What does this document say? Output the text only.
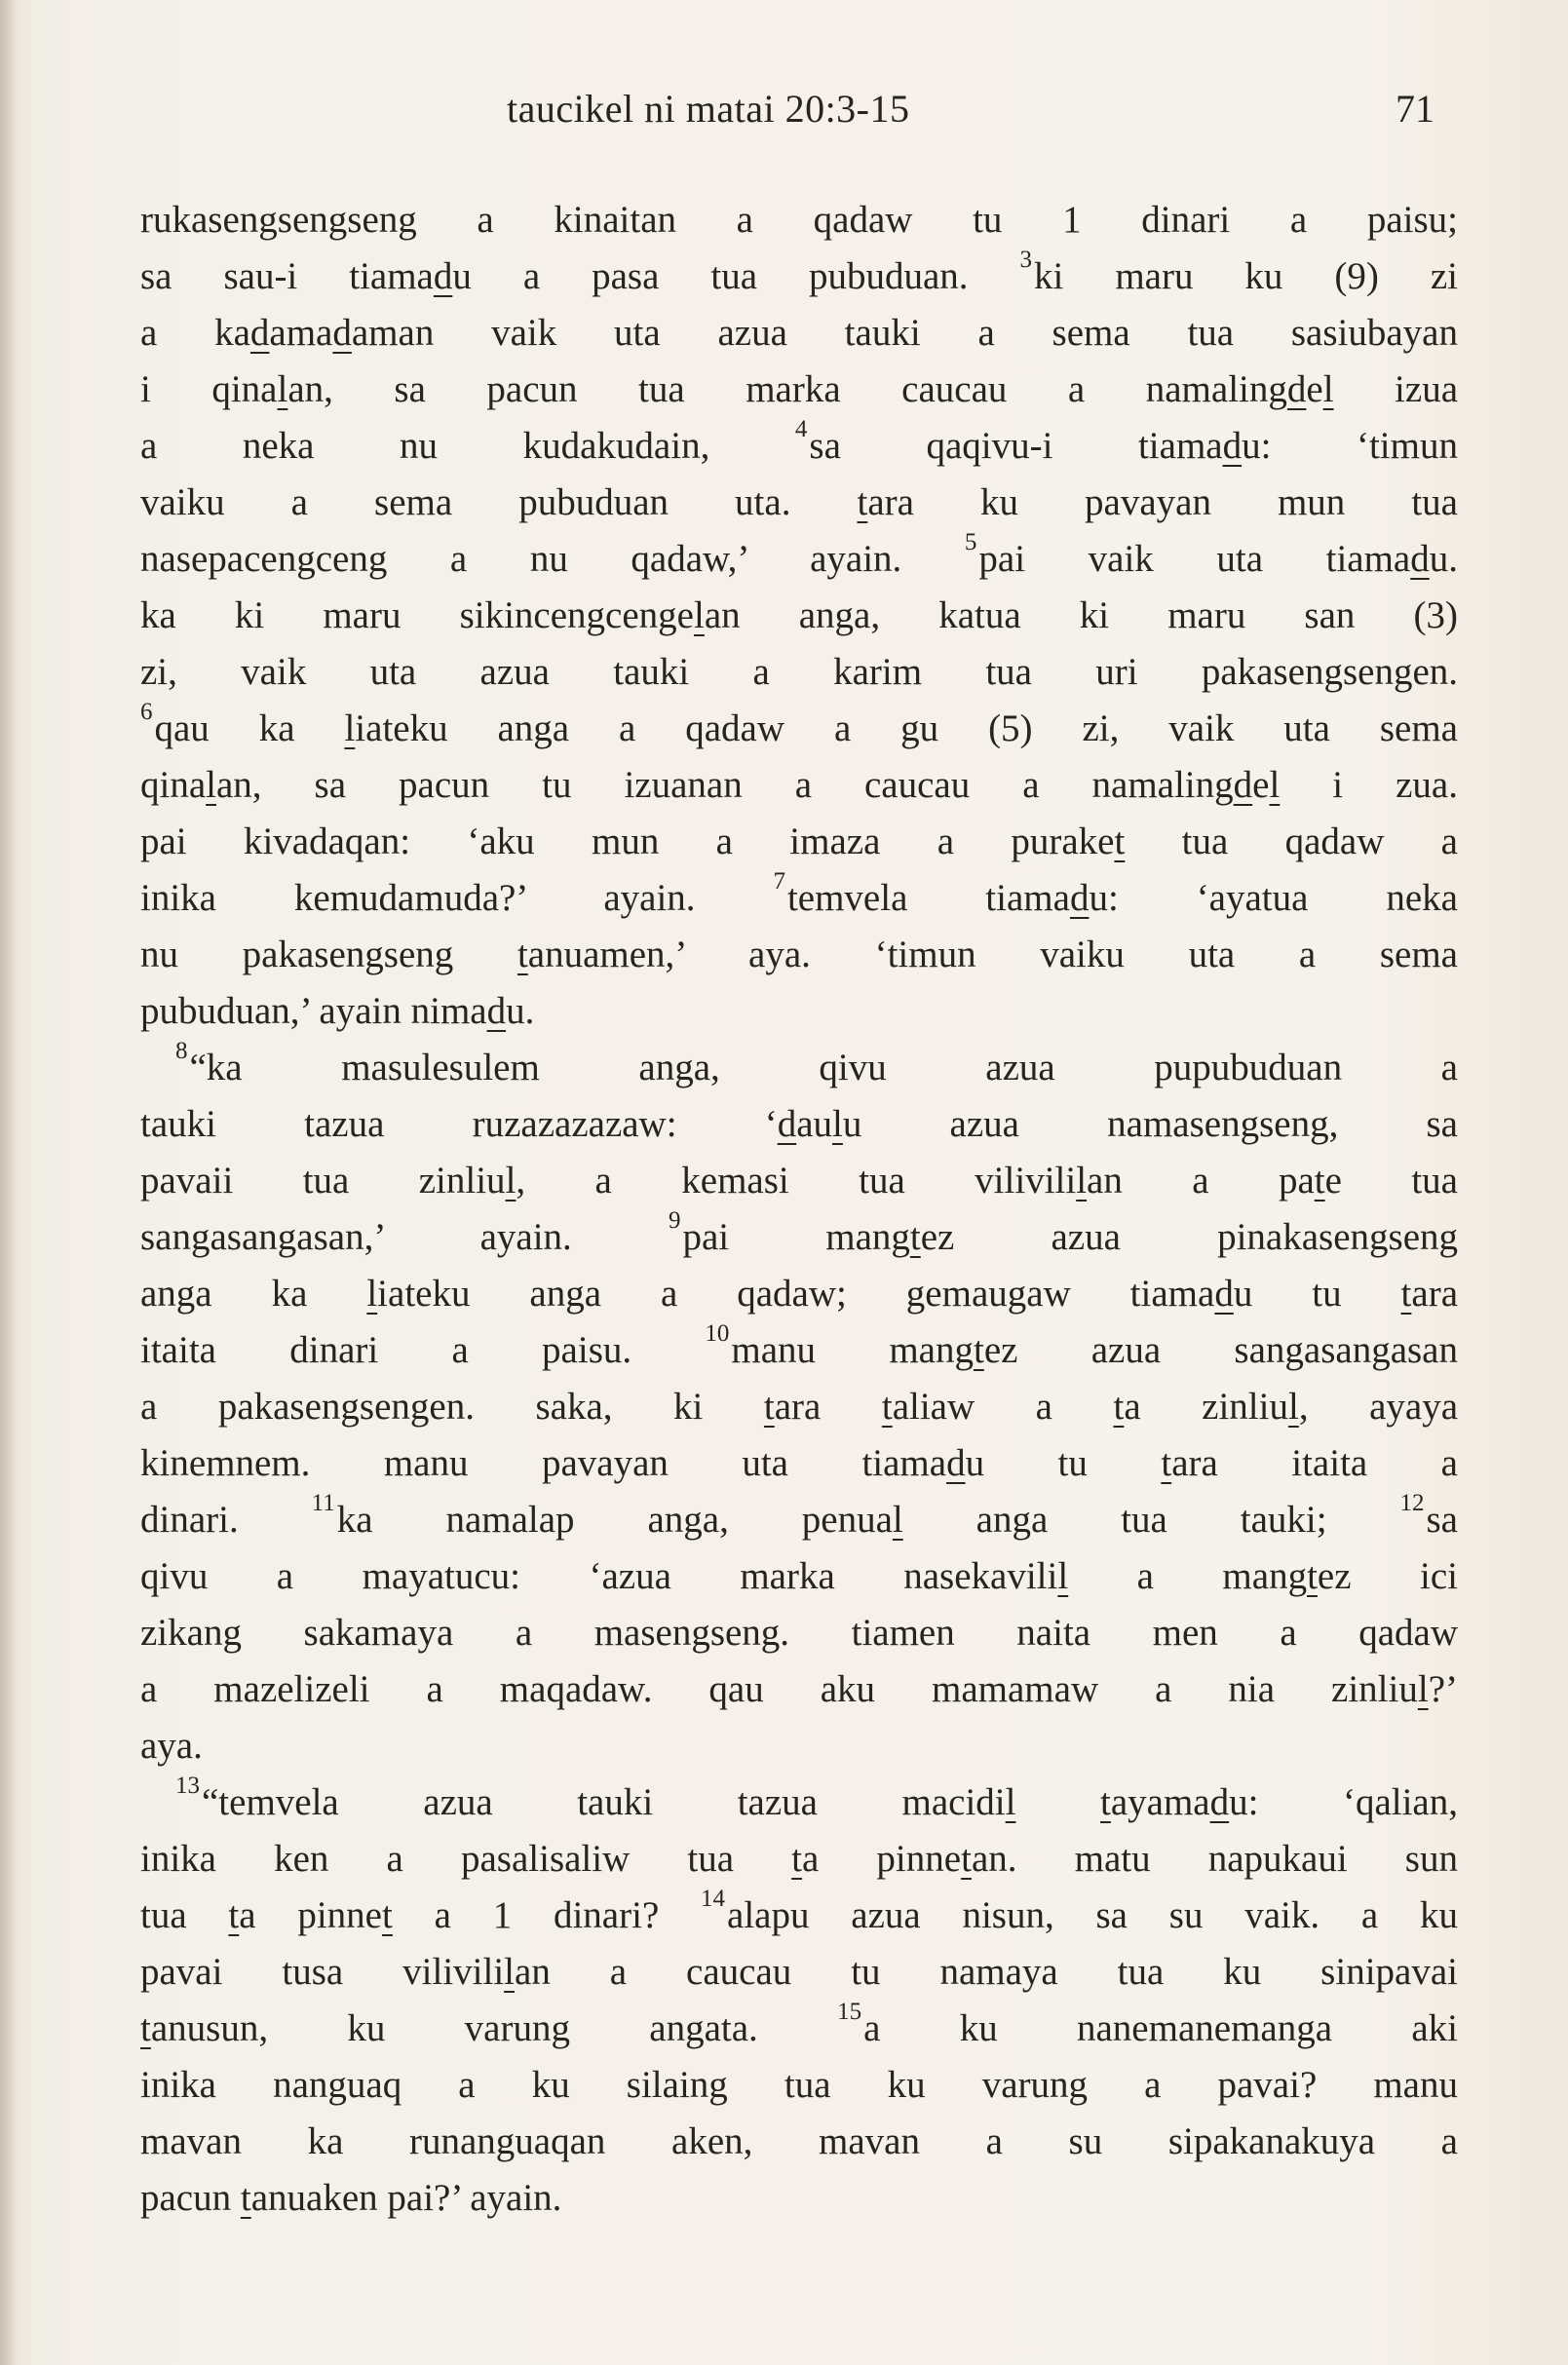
taucikel ni matai 20:3-15	71
rukasengsengseng a kinaitan a qadaw tu 1 dinari a paisu;
sa sau-i tiamadu a pasa tua pubuduan. $^3$ki maru ku (9) zi
a kadamadaman vaik uta azua tauki a sema tua sasiubayan
i qinalan, sa pacun tua marka caucau a namalingdel izua
a neka nu kudakudain, $^4$sa qaqivu-i tiamadu: ‘timun
vaiku a sema pubuduan uta. tara ku pavayan mun tua
nasepacengceng a nu qadaw,’ ayain. $^5$pai vaik uta tiamadu.
ka ki maru sikincengcengelan anga, katua ki maru san (3)
zi, vaik uta azua tauki a karim tua uri pakasengsengen.
$^6$qau ka liateku anga a qadaw a gu (5) zi, vaik uta sema
qinalan, sa pacun tu izuanan a caucau a namalingdel i zua.
pai kivadaqan: ‘aku mun a imaza a puraket tua qadaw a
inika kemudamuda?’ ayain. $^7$temvela tiamadu: ‘ayatua neka
nu pakasengseng tanuamen,’ aya. ‘timun vaiku uta a sema
pubuduan,’ ayain nimadu.
$^8$“ka masulesulem anga, qivu azua pupubuduan a
tauki tazua ruzazazazaw: ‘daulu azua namasengseng, sa
pavaii tua zinliul, a kemasi tua vilivililan a pate tua
sangasangasan,’ ayain. $^9$pai mangtez azua pinakasengseng
anga ka liateku anga a qadaw; gemaugaw tiamadu tu tara
itaita dinari a paisu. $^{10}$manu mangtez azua sangasangasan
a pakasengsengen. saka, ki tara taliaw a ta zinliul, ayaya
kinemnem. manu pavayan uta tiamadu tu tara itaita a
dinari. $^{11}$ka namalap anga, penual anga tua tauki; $^{12}$sa
qivu a mayatucu: ‘azua marka nasekavilil a mangtez ici
zikang sakamaya a masengseng. tiamen naita men a qadaw
a mazelizeli a maqadaw. qau aku mamamaw a nia zinliul?’
aya.
$^{13}$“temvela azua tauki tazua macidil tayamadu: ‘qalian,
inika ken a pasalisaliw tua ta pinnetan. matu napukaui sun
tua ta pinnet a 1 dinari? $^{14}$alapu azua nisun, sa su vaik. a ku
pavai tusa vilivililan a caucau tu namaya tua ku sinipavai
tanusun, ku varung angata. $^{15}$a ku nanemanemanga aki
inika nanguaq a ku silaing tua ku varung a pavai? manu
mavan ka runanguaqan aken, mavan a su sipakanakuya a
pacun tanuaken pai?’ ayain.
